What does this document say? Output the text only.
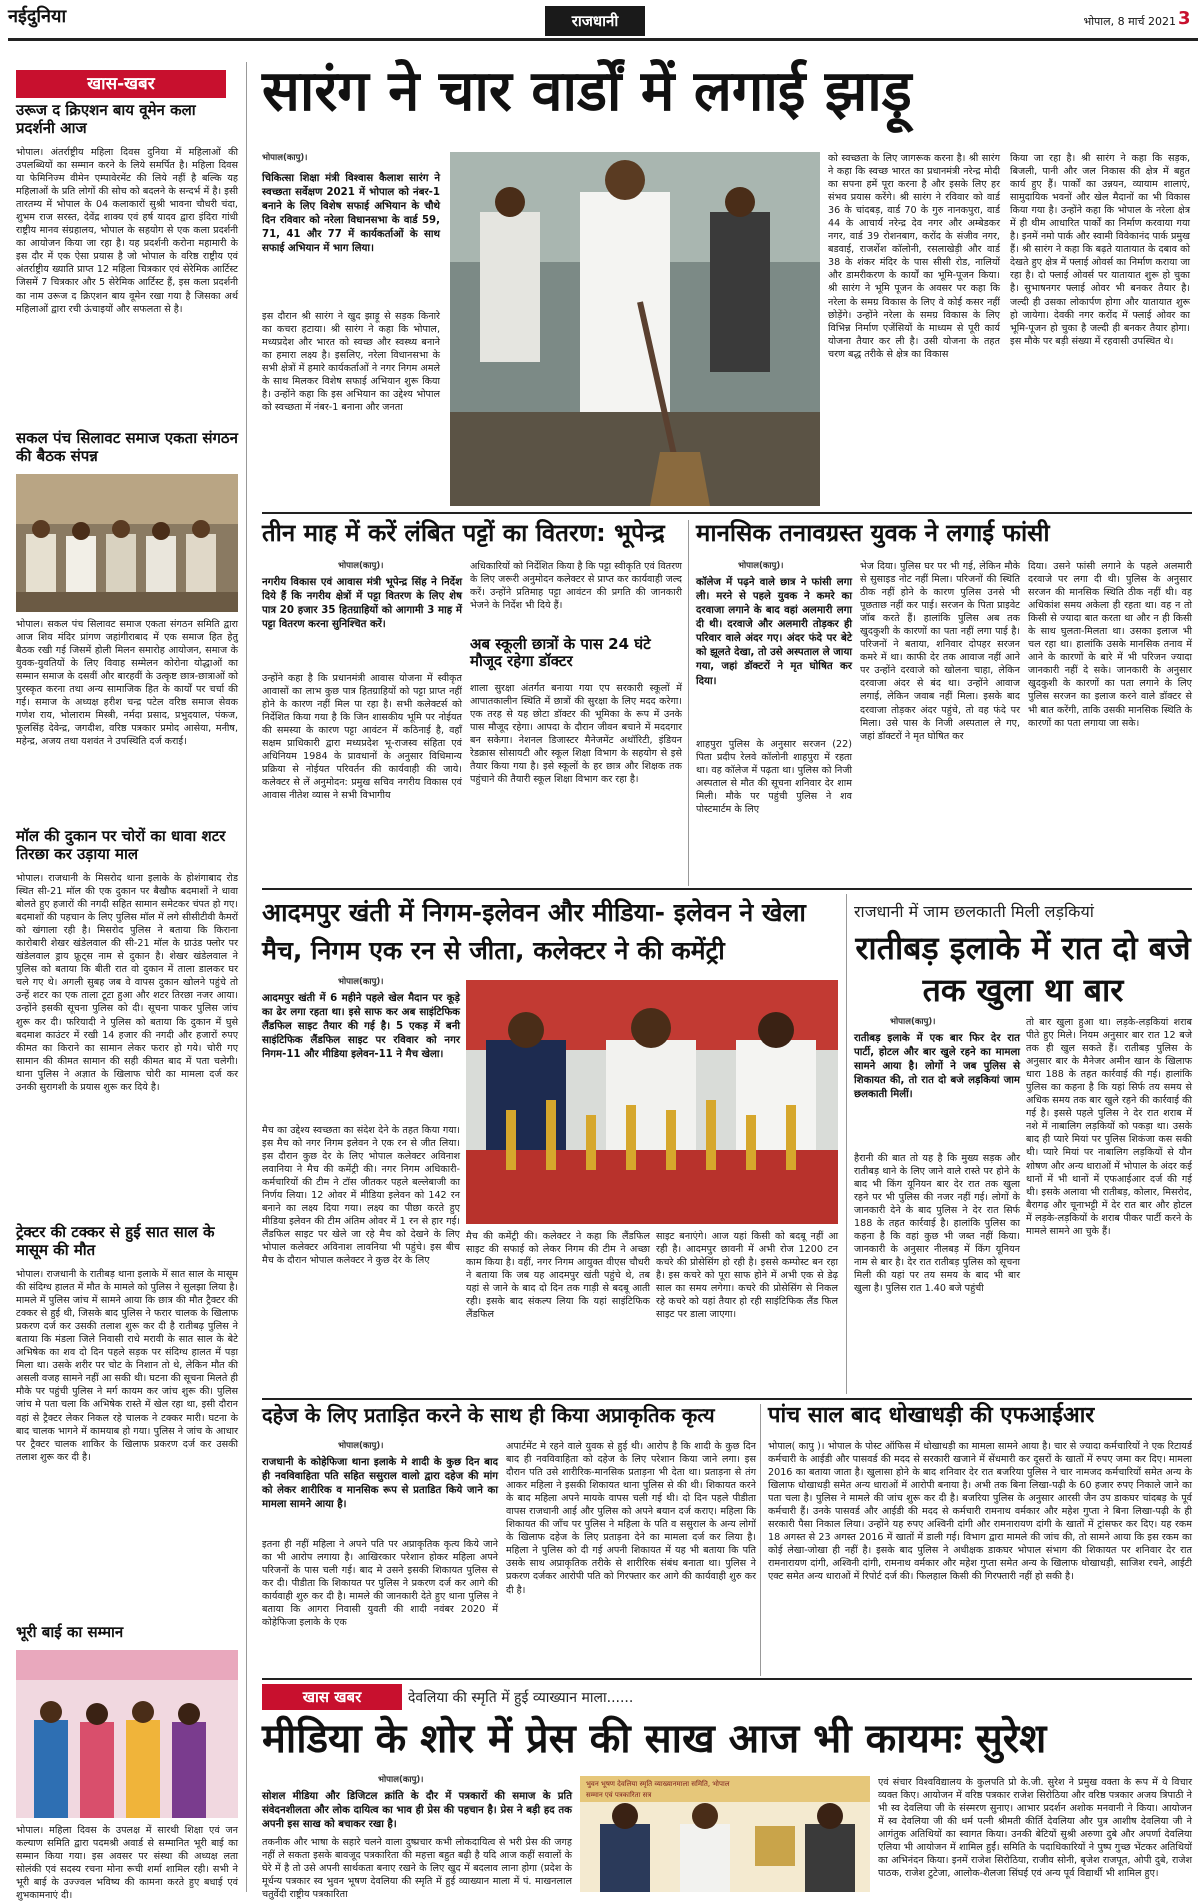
नईदुनिया	राजधानी	भोपाल, 8 मार्च 2021 3
खास-खबर
उरूज द क्रिएशन बाय वूमेन कला प्रदर्शनी आज
भोपाल। अंतर्राष्ट्रीय महिला दिवस दुनिया में महिलाओं की उपलब्धियों का सम्मान करने के लिये समर्पित है। महिला दिवस या फेमिनिज्म वीमेन एम्पावेरमेंट की लिये नहीं है बल्कि यह महिलाओं के प्रति लोगों की सोच को बदलने के सन्दर्भ में है। इसी तारतम्य में भोपाल के 04 कलाकारों सुश्री भावना चौधरी चंदा, शुभम राज सरस्त, देवेंद्र शाक्य एवं हर्ष यादव द्वारा इंदिरा गांधी राष्ट्रीय मानव संग्रहालय, भोपाल के सहयोग से एक कला प्रदर्शनी का आयोजन किया जा रहा है। यह प्रदर्शनी करोना महामारी के इस दौर में एक ऐसा प्रयास है जो भोपाल के वरिष्ठ राष्ट्रीय एवं अंतर्राष्ट्रीय ख्याति प्राप्त 12 महिला चित्रकार एवं सेरेमिक आर्टिस्ट जिसमें 7 चित्रकार और 5 सेरेमिक आर्टिस्ट हैं, इस कला प्रदर्शनी का नाम उरूज द क्रिएशन बाय वूमेन रखा गया है जिसका अर्थ महिलाओं द्वारा रची ऊंचाइयों और सफलता से है।
सकल पंच सिलावट समाज एकता संगठन की बैठक संपन्न
भोपाल। सकल पंच सिलावट समाज एकता संगठन समिति द्वारा आज शिव मंदिर प्रांगण जहांगीराबाद में एक समाज हित हेतु बैठक रखी गई जिसमें होली मिलन समारोह आयोजन, समाज के युवक-युवतियों के लिए विवाह सम्मेलन कोरोना योद्धाओं का सम्मान समाज के दसवीं और बारहवीं के उत्कृष्ट छात्र-छात्राओं को पुरस्कृत करना तथा अन्य सामाजिक हित के कार्यों पर चर्चा की गई। समाज के अध्यक्ष हरीश चन्द्र पटेल वरिष्ठ समाज सेवक गणेश राय, भोलाराम मिस्त्री, नर्मदा प्रसाद, प्रभुदयाल, पंकज, फूलसिंह देवेन्द्र, जगदीश, वरिष्ठ पत्रकार प्रमोद आसेया, मनीष, महेन्द्र, अजय तथा यशवंत ने उपस्थिति दर्ज कराई।
मॉल की दुकान पर चोरों का धावा शटर तिरछा कर उड़ाया माल
भोपाल। राजधानी के मिसरोद थाना इलाके के होशंगाबाद रोड स्थित सी-21 मॉल की एक दुकान पर बैखौफ बदमाशों ने धावा बोलते हुए हजारों की नगदी सहित सामान समेटकर चंपत हो गए। बदमाशों की पहचान के लिए पुलिस मॉल में लगे सीसीटीवी कैमरों को खंगाला रही है। मिसरोद पुलिस ने बताया कि किराना कारोबारी शेखर खंडेलवाल की सी-21 मॉल के ग्राउंड फ्लोर पर खंडेलवाल ड्राय फ्रूट्स नाम से दुकान है। शेखर खंडेलवाल ने पुलिस को बताया कि बीती रात वो दुकान में ताला डालकर घर चले गए थे। अगली सुबह जब वे वापस दुकान खोलने पहुंचे तो उन्हें शटर का एक ताला टूटा हुआ और शटर तिरछा नजर आया। उन्होंने इसकी सूचना पुलिस को दी। सूचना पाकर पुलिस जांच शुरू कर दी। फरियादी ने पुलिस को बताया कि दुकान में घुसे बदमाश काउंटर में रखी 14 हजार की नगदी और हजारों रुपए कीमत का किराने का सामान लेकर फरार हो गये। चोरी गए सामान की कीमत सामान की सही कीमत बाद में पता चलेगी। थाना पुलिस ने अज्ञात के खिलाफ चोरी का मामला दर्ज कर उनकी सुरागशी के प्रयास शुरू कर दिये है।
ट्रेक्टर की टक्कर से हुई सात साल के मासूम की मौत
भोपाल। राजधानी के रातीबड़ थाना इलाके में सात साल के मासूम की संदिग्ध हालत में मौत के मामले को पुलिस ने सुलझा लिया है। मामले में पुलिस जांच में सामने आया कि छात्र की मौत ट्रैक्टर की टक्कर से हुई थी, जिसके बाद पुलिस ने फरार चालक के खिलाफ प्रकरण दर्ज कर उसकी तलाश शुरू कर दी है रातीबढ़ पुलिस ने बताया कि मंडला जिले निवासी राधे मरावी के सात साल के बेटे अभिषेक का शव दो दिन पहले सड़क पर संदिग्ध हालत में पड़ा मिला था। उसके शरीर पर चोट के निशान तो थे, लेकिन मौत की असली वजह सामने नहीं आ सकी थी। घटना की सूचना मिलते ही मौके पर पहुंची पुलिस ने मर्ग कायम कर जांच शुरू की। पुलिस जांच मे पता चला कि अभिषेक रास्ते में खेल रहा था, इसी दौरान वहां से ट्रैक्टर लेकर निकल रहे चालक ने टक्कर मारी। घटना के बाद चालक भागने में कामयाब हो गया। पुलिस ने जांच के आधार पर ट्रैक्टर चालक शाकिर के खिलाफ प्रकरण दर्ज कर उसकी तलाश शुरू कर दी है।
भूरी बाई का सम्मान
भोपाल। महिला दिवस के उपलक्ष में सारथी शिक्षा एवं जन कल्याण समिति द्वारा पदमश्री अवार्ड से सम्मानित भूरी बाई का सम्मान किया गया। इस अवसर पर संस्था की अध्यक्ष लता सोलंकी एवं सदस्य रचना मोना रूची शर्मा शामिल रही। सभी ने भूरी बाई के उज्ज्वल भविष्य की कामना करते हुए बधाई एवं शुभकामनाएं दी।
सारंग ने चार वार्डों में लगाई झाड़ू
भोपाल(कापु)।
चिकित्सा शिक्षा मंत्री विश्वास कैलाश सारंग ने स्वच्छता सर्वेक्षण 2021 में भोपाल को नंबर-1 बनाने के लिए विशेष सफाई अभियान के चौथे दिन रविवार को नरेला विधानसभा के वार्ड 59, 71, 41 और 77 में कार्यकर्ताओं के साथ सफाई अभियान में भाग लिया।
इस दौरान श्री सारंग ने खुद झाड़ू से सड़क किनारे का कचरा हटाया। श्री सारंग ने कहा कि भोपाल, मध्यप्रदेश और भारत को स्वच्छ और स्वस्थ्य बनाने का हमारा लक्ष्य है। इसलिए, नरेला विधानसभा के सभी क्षेत्रों में हमारे कार्यकर्ताओं ने नगर निगम अमले के साथ मिलकर विशेष सफाई अभियान शुरू किया है। उन्होंने कहा कि इस अभियान का उद्देश्य भोपाल को स्वच्छता में नंबर-1 बनाना और जनता
को स्वच्छता के लिए जागरूक करना है। श्री सारंग ने कहा कि स्वच्छ भारत का प्रधानमंत्री नरेन्द्र मोदी का सपना हमें पूरा करना है और इसके लिए हर संभव प्रयास करेंगे। श्री सारंग ने रविवार को वार्ड 36 के चांदबड़, वार्ड 70 के गुरु नानकपुरा, वार्ड 44 के आचार्य नरेन्द्र देव नगर और अम्बेडकर नगर, वार्ड 39 रोशनबाग, करोंद के संजीव नगर, बडवाई, राजर्शेश कॉलोनी, रसलाखेड़ी और वार्ड 38 के शंकर मंदिर के पास सीसी रोड, नालियों और डामरीकरण के कार्यों का भूमि-पूजन किया। श्री सारंग ने भूमि पूजन के अवसर पर कहा कि नरेला के समग्र विकास के लिए वे कोई कसर नहीं छोड़ेंगे। उन्होंने नरेला के समग्र विकास के लिए विभिन्न निर्माण एजेंसियों के माध्यम से पूरी कार्य योजना तैयार कर ली है। उसी योजना के तहत चरण बद्ध तरीके से क्षेत्र का विकास
किया जा रहा है। श्री सारंग ने कहा कि सड़क, बिजली, पानी और जल निकास की क्षेत्र में बहुत कार्य हुए हैं। पार्कों का उन्नयन, व्यायाम शालाएं, सामुदायिक भवनों और खेल मैदानों का भी विकास किया गया है। उन्होंने कहा कि भोपाल के नरेला क्षेत्र में ही थीम आधारित पार्कों का निर्माण करवाया गया है। इनमें नमो पार्क और स्वामी विवेकानंद पार्क प्रमुख हैं। श्री सारंग ने कहा कि बढ़ते यातायात के दबाव को देखते हुए क्षेत्र में फ्लाई ओवर्स का निर्माण कराया जा रहा है। दो फ्लाई ओवर्स पर यातायात शुरू हो चुका है। सुभाषनगर फ्लाई ओवर भी बनकर तैयार है। जल्दी ही उसका लोकार्पण होगा और यातायात शुरू हो जायेगा। देवकी नगर करोंद में फ्लाई ओवर का भूमि-पूजन हो चुका है जल्दी ही बनकर तैयार होगा। इस मौके पर बड़ी संख्या में रहवासी उपस्थित थे।
तीन माह में करें लंबित पट्टों का वितरण: भूपेन्द्र
भोपाल(कापु)।
नगरीय विकास एवं आवास मंत्री भूपेन्द्र सिंह ने निर्देश दिये हैं कि नगरीय क्षेत्रों में पट्टा वितरण के लिए शेष पात्र 20 हजार 35 हितग्राहियों को आगामी 3 माह में पट्टा वितरण करना सुनिश्चित करें।
उन्होंने कहा है कि प्रधानमंत्री आवास योजना में स्वीकृत आवासों का लाभ कुछ पात्र हितग्राहियों को पट्टा प्राप्त नहीं होने के कारण नहीं मिल पा रहा है। सभी कलेक्टर्स को निर्देशित किया गया है कि जिन शासकीय भूमि पर नोईयत की समस्या के कारण पट्टा आवंटन में कठिनाई है, वहाँ सक्षम प्राधिकारी द्वारा मध्यप्रदेश भू-राजस्व संहिता एवं अधिनियम 1984 के प्रावधानों के अनुसार विधिमान्य प्रक्रिया से नोईयत परिवर्तन की कार्यवाही की जाये। कलेक्टर से लें अनुमोदन: प्रमुख सचिव नगरीय विकास एवं आवास नीतेश व्यास ने सभी विभागीय
अधिकारियों को निर्देशित किया है कि पट्टा स्वीकृति एवं वितरण के लिए जरूरी अनुमोदन कलेक्टर से प्राप्त कर कार्यवाही जल्द करें। उन्होंने प्रतिमाह पट्टा आवंटन की प्रगति की जानकारी भेजने के निर्देश भी दिये हैं।
अब स्कूली छात्रों के पास 24 घंटे मौजूद रहेगा डॉक्टर
शाला सुरक्षा अंतर्गत बनाया गया एप सरकारी स्कूलों में आपातकालीन स्थिति में छात्रों की सुरक्षा के लिए मदद करेगा। एक तरह से यह छोटा डॉक्टर की भूमिका के रूप में उनके पास मौजूद रहेगा। आपदा के दौरान जीवन बचाने में मददगार बन सकेगा। नेशनल डिजास्टर मैनेजमेंट अथॉरिटी, इंडियन रेडक्रास सोसायटी और स्कूल शिक्षा विभाग के सहयोग से इसे तैयार किया गया है। इसे स्कूलों के हर छात्र और शिक्षक तक पहुंचाने की तैयारी स्कूल शिक्षा विभाग कर रहा है।
मानसिक तनावग्रस्त युवक ने लगाई फांसी
भोपाल(कापु)।
कॉलेज में पढ़ने वाले छात्र ने फांसी लगा ली। मरने से पहले युवक ने कमरे का दरवाजा लगाने के बाद वहां अलमारी लगा दी थी। दरवाजे और अलमारी तोड़कर ही परिवार वाले अंदर गए। अंदर फंदे पर बेटे को झूलते देखा, तो उसे अस्पताल ले जाया गया, जहां डॉक्टरों ने मृत घोषित कर दिया।
शाहपुरा पुलिस के अनुसार सरजन (22) पिता प्रदीप रेलवे कॉलोनी शाहपुरा में रहता था। वह कॉलेज में पढ़ता था। पुलिस को निजी अस्पताल से मौत की सूचना शनिवार देर शाम मिली। मौके पर पहुंची पुलिस ने शव पोस्टमार्टम के लिए
भेज दिया। पुलिस घर पर भी गई, लेकिन मौके से सुसाइड नोट नहीं मिला। परिजनों की स्थिति ठीक नहीं होने के कारण पुलिस उनसे भी पूछताछ नहीं कर पाई। सरजन के पिता प्राइवेट जॉब करते हैं। हालांकि पुलिस अब तक खुदकुशी के कारणों का पता नहीं लगा पाई है। परिजनों ने बताया, शनिवार दोपहर सरजन कमरे में था। काफी देर तक आवाज नहीं आने पर उन्होंने दरवाजे को खोलना चाहा, लेकिन दरवाजा अंदर से बंद था। उन्होंने आवाज लगाई, लेकिन जवाब नहीं मिला। इसके बाद दरवाजा तोड़कर अंदर पहुंचे, तो वह फंदे पर मिला। उसे पास के निजी अस्पताल ले गए, जहां डॉक्टरों ने मृत घोषित कर
दिया। उसने फांसी लगाने के पहले अलमारी दरवाजे पर लगा दी थी। पुलिस के अनुसार सरजन की मानसिक स्थिति ठीक नहीं थी। वह अधिकांश समय अकेला ही रहता था। वह न तो किसी से ज्यादा बात करता था और न ही किसी के साथ घुलता-मिलता था। उसका इलाज भी चल रहा था। हालांकि उसके मानसिक तनाव में आने के कारणों के बारे में भी परिजन ज्यादा जानकारी नहीं दे सके। जानकारी के अनुसार खुदकुशी के कारणों का पता लगाने के लिए पुलिस सरजन का इलाज करने वाले डॉक्टर से भी बात करेंगी, ताकि उसकी मानसिक स्थिति के कारणों का पता लगाया जा सके।
आदमपुर खंती में निगम-इलेवन और मीडिया- इलेवन ने खेला मैच, निगम एक रन से जीता, कलेक्टर ने की कमेंट्री
भोपाल(कापु)।
आदमपुर खंती में 6 महीने पहले खेल मैदान पर कूड़े का ढेर लगा रहता था। इसे साफ कर अब साइंटिफिक लैंडफिल साइट तैयार की गई है। 5 एकड़ में बनी साइंटिफिक लैंडफिल साइट पर रविवार को नगर निगम-11 और मीडिया इलेवन-11 ने मैच खेला।
मैच का उद्देश्य स्वच्छता का संदेश देने के तहत किया गया। इस मैच को नगर निगम इलेवन ने एक रन से जीत लिया। इस दौरान कुछ देर के लिए भोपाल कलेक्टर अविनाश लवानिया ने मैच की कमेंट्री की। नगर निगम अधिकारी-कर्मचारियों की टीम ने टॉस जीतकर पहले बल्लेबाजी का निर्णय लिया। 12 ओवर में मीडिया इलेवन को 142 रन बनाने का लक्ष्य दिया गया। लक्ष्य का पीछा करते हुए मीडिया इलेवन की टीम अंतिम ओवर में 1 रन से हार गई। लैंडफिल साइट पर खेले जा रहे मैच को देखने के लिए भोपाल कलेक्टर अविनाश लावनिया भी पहुंचे। इस बीच मैच के दौरान भोपाल कलेक्टर ने कुछ देर के लिए
मैच की कमेंट्री की। कलेक्टर ने कहा कि लैंडफिल साइट की सफाई को लेकर निगम की टीम ने अच्छा काम किया है। वहीं, नगर निगम आयुक्त वीएस चौधरी ने बताया कि जब यह आदमपुर खंती पहुंचे थे, तब यहां से जाने के बाद दो दिन तक गाड़ी से बदबू आती रही। इसके बाद संकल्प लिया कि यहां साइंटिफिक लैंडफिल
साइट बनाएंगे। आज यहां किसी को बदबू नहीं आ रही है। आदमपुर छावनी में अभी रोज 1200 टन कचरे की प्रोसेसिंग हो रही है। इससे कम्पोस्ट बन रहा है। इस कचरे को पूरा साफ होने में अभी एक से डेढ़ साल का समय लगेगा। कचरे की प्रोसेसिंग से निकल रहे कचरे को यहां तैयार हो रही साइंटिफिक लैंड फिल साइट पर डाला जाएगा।
राजधानी में जाम छलकाती मिली लड़कियां
रातीबड़ इलाके में रात दो बजे तक खुला था बार
भोपाल(कापु)।
रातीबड़ इलाके में एक बार फिर देर रात पार्टी, होटल और बार खुले रहने का मामला सामने आया है। लोगों ने जब पुलिस से शिकायत की, तो रात दो बजे लड़कियां जाम छलकाती मिलीं।
हैरानी की बात तो यह है कि मुख्य सड़क और रातीबड़ थाने के लिए जाने वाले रास्ते पर होने के बाद भी किंग यूनियन बार देर रात तक खुला रहने पर भी पुलिस की नजर नहीं गई। लोगों के जानकारी देने के बाद पुलिस ने देर रात सिर्फ 188 के तहत कार्रवाई है। हालांकि पुलिस का कहना है कि वहां कुछ भी जब्त नहीं किया। जानकारी के अनुसार नीलबड़ में किंग यूनियन नाम से बार है। देर रात रातीबड़ पुलिस को सूचना मिली की यहां पर तय समय के बाद भी बार खुला है। पुलिस रात 1.40 बजे पहुंची
तो बार खुला हुआ था। लड़के-लड़कियां शराब पीते हुए मिले। नियम अनुसार बार रात 12 बजे तक ही खुल सकते हैं। रातीबड़ पुलिस के अनुसार बार के मैनेजर अमीन खान के खिलाफ धारा 188 के तहत कार्रवाई की गई। हालांकि पुलिस का कहना है कि यहां सिर्फ तय समय से अधिक समय तक बार खुले रहने की कार्रवाई की गई है। इससे पहले पुलिस ने देर रात शराब में नशे में नाबालिग लड़कियों को पकड़ा था। उसके बाद ही प्यारे मियां पर पुलिस शिकंजा कस सकी थी। प्यारे मियां पर नाबालिग लड़कियों से यौन शोषण और अन्य धाराओं में भोपाल के अंदर कई थानों में भी थानों में एफआईआर दर्ज की गई थी। इसके अलावा भी रातीबड़, कोलार, मिसरोद, बैरागढ़ और चूनाभट्टी में देर रात बार और होटल में लड़के-लड़कियों के शराब पीकर पार्टी करने के मामले सामने आ चुके हैं।
दहेज के लिए प्रताड़ित करने के साथ ही किया अप्राकृतिक कृत्य
भोपाल(कापु)।
राजधानी के कोहेफिजा थाना इलाके मे शादी के कुछ दिन बाद ही नवविवाहिता पति सहित ससुराल वालो द्वारा दहेज की मांग को लेकर शारीरिक व मानसिक रूप से प्रताडित किये जाने का मामला सामने आया है।
इतना ही नहीं महिला ने अपने पति पर अप्राकृतिक कृत्य किये जाने का भी आरोप लगाया है। आखिरकार परेशान होकर महिला अपने परिजनों के पास चली गई। बाद मे उसने इसकी शिकायत पुलिस से कर दी। पीडीता कि शिकायत पर पुलिस ने प्रकरण दर्ज कर आगे की कार्यवाही शुरु कर दी है। मामले की जानकारी देते हुए थाना पुलिस ने बताया कि आगरा निवासी युवती की शादी नवंबर 2020 में कोहेफिजा इलाके के एक
अपार्टमेंट मे रहने वाले युवक से हुई थी। आरोप है कि शादी के कुछ दिन बाद ही नवविवाहिता को दहेज के लिए परेशान किया जाने लगा। इस दौरान पति उसे शारीरिक-मानसिक प्रताड़ना भी देता था। प्रताड़ना से तंग आकर महिला ने इसकी शिकायत थाना पुलिस से की थी। शिकायत करने के बाद महिला अपने मायके वापस चली गई थी। दो दिन पहले पीडीता वापस राजधानी आई और पुलिस को अपने बयान दर्ज कराए। महिला कि शिकायत की जाँच पर पुलिस ने महिला के पति व ससुराल के अन्य लोगों के खिलाफ दहेज के लिए प्रताड़ना देने का मामला दर्ज कर लिया है। महिला ने पुलिस को दी गई अपनी शिकायत में यह भी बताया कि पति उसके साथ अप्राकृतिक तरीके से शारीरिक संबंध बनाता था। पुलिस ने प्रकरण दर्जकर आरोपी पति को गिरफ्तार कर आगे की कार्यवाही शुरु कर दी है।
पांच साल बाद धोखाधड़ी की एफआईआर
भोपाल( कापु )। भोपाल के पोस्ट ऑफिस में धोखाधड़ी का मामला सामने आया है। चार से ज्यादा कर्मचारियों ने एक रिटायर्ड कर्मचारी के आईडी और पासवर्ड की मदद से सरकारी खजाने में सेंधमारी कर दूसरों के खातों में रुपए जमा कर दिए। मामला 2016 का बताया जाता है। खुलासा होने के बाद शनिवार देर रात बजरिया पुलिस ने चार नामजद कर्मचारियों समेत अन्य के खिलाफ धोखाधड़ी समेत अन्य धाराओं में आरोपी बनाया है। अभी तक बिना लिखा-पढ़ी के 60 हजार रुपए निकाले जाने का पता चला है। पुलिस ने मामले की जांच शुरू कर दी है। बजरिया पुलिस के अनुसार आरसी जैन उप डाकघर चांदबड़ के पूर्व कर्मचारी हैं। उनके पासवर्ड और आईडी की मदद से कर्मचारी रामनाथ वर्मकार और महेश गुप्ता ने बिना लिखा-पढ़ी के ही सरकारी पैसा निकाल लिया। उन्होंने यह रुपए अश्विनी दांगी और रामनारायण दांगी के खातों में ट्रांसफर कर दिए। यह रकम 18 अगस्त से 23 अगस्त 2016 में खातों में डाली गई। विभाग द्वारा मामले की जांच की, तो सामने आया कि इस रकम का कोई लेखा-जोखा ही नहीं है। इसके बाद पुलिस ने अधीक्षक डाकघर भोपाल संभाग की शिकायत पर शनिवार देर रात रामनारायण दांगी, अश्विनी दांगी, रामनाथ वर्मकार और महेश गुप्ता समेत अन्य के खिलाफ धोखाधड़ी, साजिश रचने, आईटी एक्ट समेत अन्य धाराओं में रिपोर्ट दर्ज की। फिलहाल किसी की गिरफ्तारी नहीं हो सकी है।
खास खबर	देवलिया की स्मृति में हुई व्याख्यान माला......
मीडिया के शोर में प्रेस की साख आज भी कायमः सुरेश
भोपाल(कापु)।
सोशल मीडिया और डिजिटल क्रांति के दौर में पत्रकारों की समाज के प्रति संवेदनशीलता और लोक दायित्व का भाव ही प्रेस की पहचान है। प्रेस ने बड़ी हद तक अपनी इस साख को बचाकर रखा है।
तकनीक और भाषा के सहारे चलने वाला दुष्प्रचार कभी लोकदायित्व से भरी प्रेस की जगह नहीं ले सकता इसके बावजूद पत्रकारिता की महत्ता बहुत बढ़ी है यदि आज कहीं सवालों के घेरे में है तो उसे अपनी सार्थकता बनाए रखने के लिए खुद में बदलाव लाना होगा (प्रदेश के मूर्धन्य पत्रकार स्व भुवन भूषण देवलिया की स्मृति में हुई व्याख्यान माला में पं. माखनलाल चतुर्वेदी राष्ट्रीय पत्रकारिता
भुवन भूषण देवलिया स्मृति व्याख्यानमाला समिति, भोपाल
सम्मान एवं पत्रकारिता सत्र
एवं संचार विश्वविद्यालय के कुलपति प्रो के.जी. सुरेश ने प्रमुख वक्ता के रूप में ये विचार व्यक्त किए। आयोजन में वरिष्ठ पत्रकार राजेश सिरोठिया और वरिष्ठ पत्रकार अजय त्रिपाठी ने भी स्व देवलिया जी के संस्मरण सुनाए। आभार प्रदर्शन अशोक मनवानी ने किया। आयोजन में स्व देवलिया जी की धर्म पत्नी श्रीमती कीर्ति देवलिया और पुत्र आशीष देवलिया जी ने आगंतुक अतिथियों का स्वागत किया। उनकी बेटियों सुश्री अरुणा दुबे और अपर्णा देवलिया एलिया भी आयोजन में शामिल हुईं। समिति के पदाधिकारियों ने पुष्प गुच्छ भेंटकर अतिथियों का अभिनंदन किया। इनमें राजेश सिरोठिया, राजीव सोनी, बृजेश राजपूत, ओपी दुबे, राजेश पाठक, राजेश टुटेजा, आलोक-शैलजा सिंघई एवं अन्य पूर्व विद्यार्थी भी शामिल हुए।
